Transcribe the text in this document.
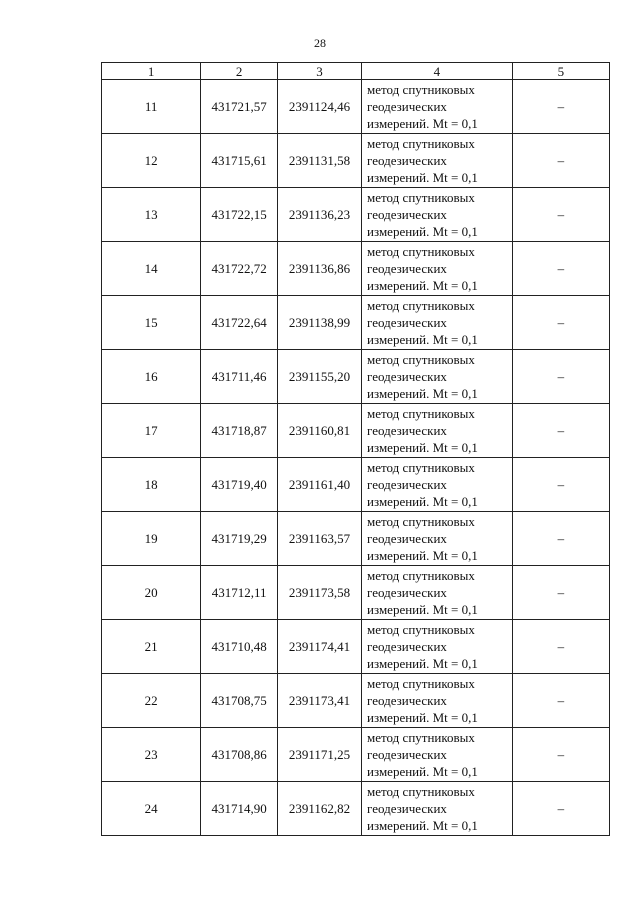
28
1	2	3	4	5
11	431721,57	2391124,46	метод спутниковых
геодезических
измерений. Mt = 0,1	–
12	431715,61	2391131,58	метод спутниковых
геодезических
измерений. Mt = 0,1	–
13	431722,15	2391136,23	метод спутниковых
геодезических
измерений. Mt = 0,1	–
14	431722,72	2391136,86	метод спутниковых
геодезических
измерений. Mt = 0,1	–
15	431722,64	2391138,99	метод спутниковых
геодезических
измерений. Mt = 0,1	–
16	431711,46	2391155,20	метод спутниковых
геодезических
измерений. Mt = 0,1	–
17	431718,87	2391160,81	метод спутниковых
геодезических
измерений. Mt = 0,1	–
18	431719,40	2391161,40	метод спутниковых
геодезических
измерений. Mt = 0,1	–
19	431719,29	2391163,57	метод спутниковых
геодезических
измерений. Mt = 0,1	–
20	431712,11	2391173,58	метод спутниковых
геодезических
измерений. Mt = 0,1	–
21	431710,48	2391174,41	метод спутниковых
геодезических
измерений. Mt = 0,1	–
22	431708,75	2391173,41	метод спутниковых
геодезических
измерений. Mt = 0,1	–
23	431708,86	2391171,25	метод спутниковых
геодезических
измерений. Mt = 0,1	–
24	431714,90	2391162,82	метод спутниковых
геодезических
измерений. Mt = 0,1	–
